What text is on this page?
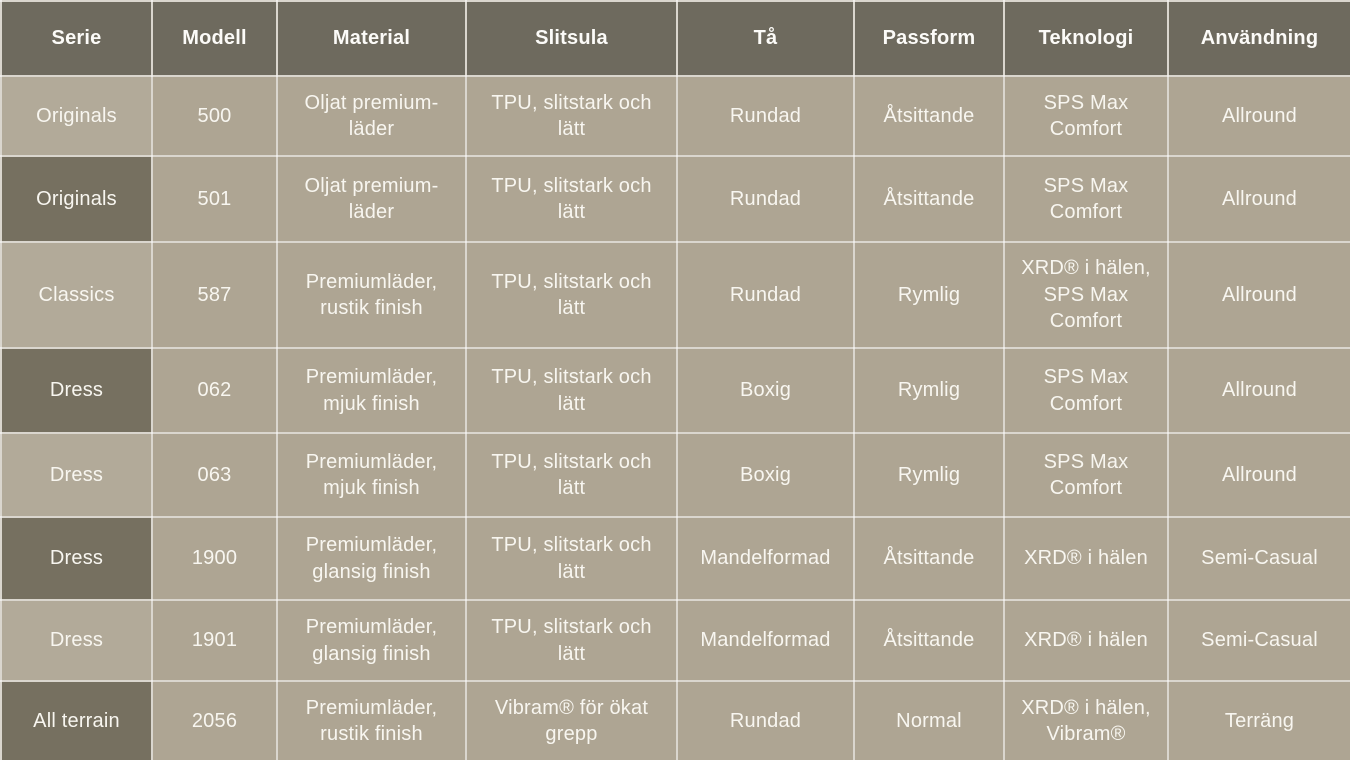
Serie	Modell	Material	Slitsula	Tå	Passform	Teknologi	Användning
Originals	500	Oljat premium-läder	TPU, slitstark och lätt	Rundad	Åtsittande	SPS Max Comfort	Allround
Originals	501	Oljat premium-läder	TPU, slitstark och lätt	Rundad	Åtsittande	SPS Max Comfort	Allround
Classics	587	Premiumläder, rustik finish	TPU, slitstark och lätt	Rundad	Rymlig	XRD® i hälen, SPS Max Comfort	Allround
Dress	062	Premiumläder, mjuk finish	TPU, slitstark och lätt	Boxig	Rymlig	SPS Max Comfort	Allround
Dress	063	Premiumläder, mjuk finish	TPU, slitstark och lätt	Boxig	Rymlig	SPS Max Comfort	Allround
Dress	1900	Premiumläder, glansig finish	TPU, slitstark och lätt	Mandelformad	Åtsittande	XRD® i hälen	Semi-Casual
Dress	1901	Premiumläder, glansig finish	TPU, slitstark och lätt	Mandelformad	Åtsittande	XRD® i hälen	Semi-Casual
All terrain	2056	Premiumläder, rustik finish	Vibram® för ökat grepp	Rundad	Normal	XRD® i hälen, Vibram®	Terräng
